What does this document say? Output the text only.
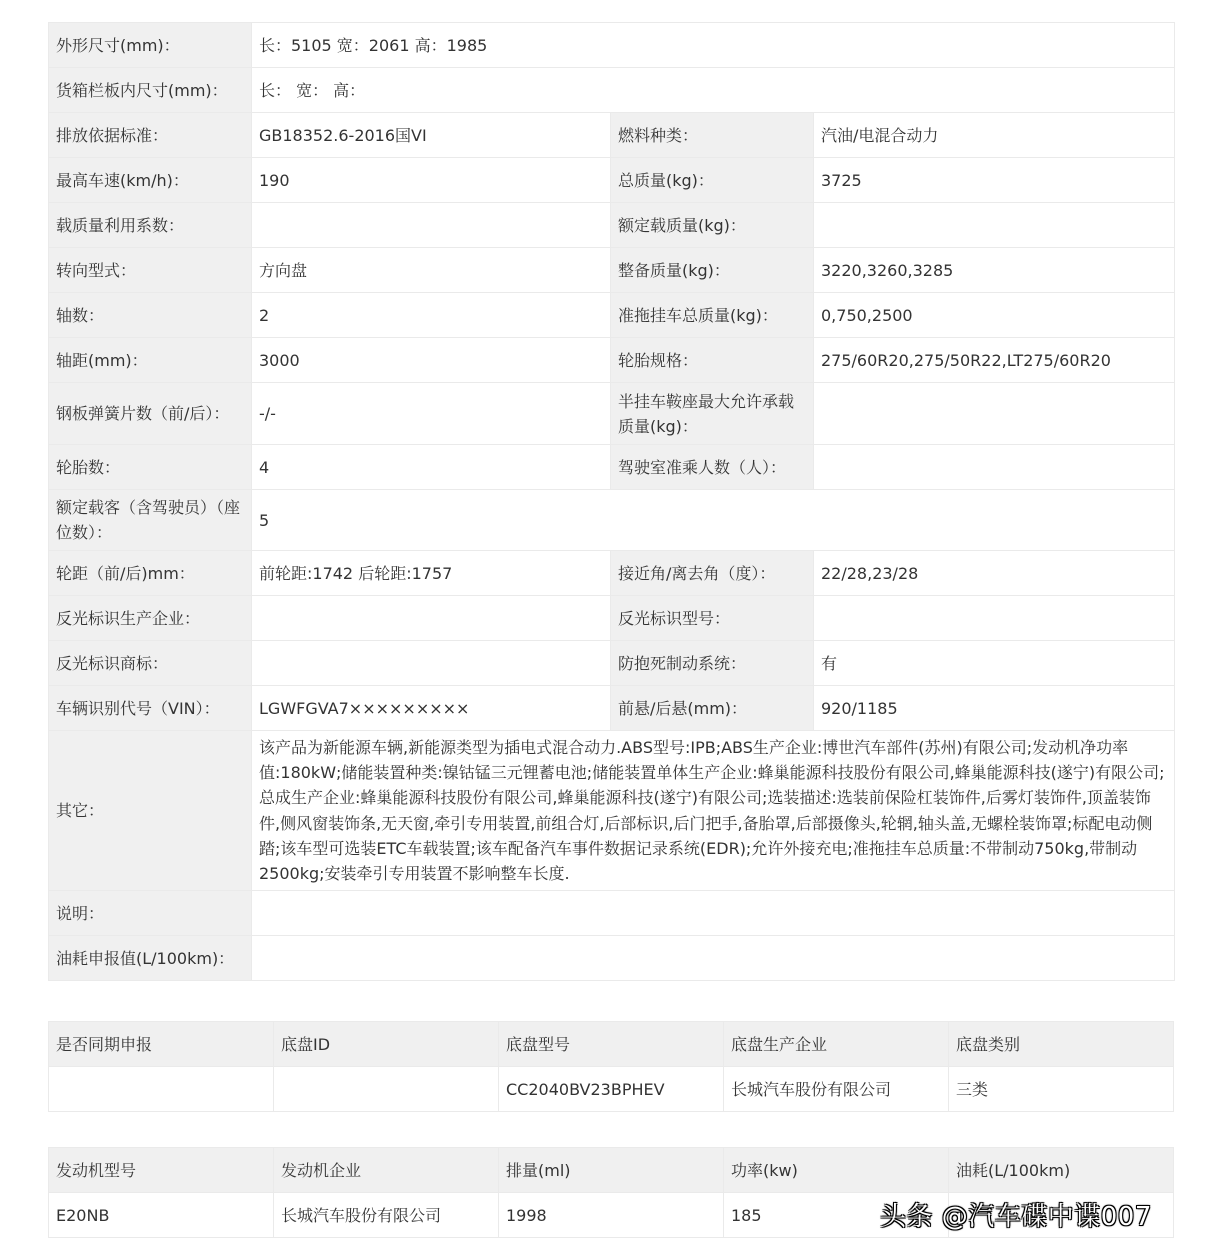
外形尺寸(mm)：	长：5105 宽：2061 高：1985		
货箱栏板内尺寸(mm)：	长： 宽： 高：		
排放依据标准：	GB18352.6-2016国VI	燃料种类：	汽油/电混合动力
最高车速(km/h)：	190	总质量(kg)：	3725
载质量利用系数：		额定载质量(kg)：	
转向型式：	方向盘	整备质量(kg)：	3220,3260,3285
轴数：	2	准拖挂车总质量(kg)：	0,750,2500
轴距(mm)：	3000	轮胎规格：	275/60R20,275/50R22,LT275/60R20
钢板弹簧片数（前/后）：	-/-	半挂车鞍座最大允许承载质量(kg)：	
轮胎数：	4	驾驶室准乘人数（人）：	
额定载客（含驾驶员）（座位数）：	5		
轮距（前/后)mm：	前轮距:1742 后轮距:1757	接近角/离去角（度）：	22/28,23/28
反光标识生产企业：		反光标识型号：	
反光标识商标：		防抱死制动系统：	有
车辆识别代号（VIN）：	LGWFGVA7×××××××××	前悬/后悬(mm)：	920/1185
其它：	该产品为新能源车辆,新能源类型为插电式混合动力.ABS型号:IPB;ABS生产企业:博世汽车部件(苏州)有限公司;发动机净功率值:180kW;储能装置种类:镍钴锰三元锂蓄电池;储能装置单体生产企业:蜂巢能源科技股份有限公司,蜂巢能源科技(遂宁)有限公司;总成生产企业:蜂巢能源科技股份有限公司,蜂巢能源科技(遂宁)有限公司;选装描述:选装前保险杠装饰件,后雾灯装饰件,顶盖装饰件,侧风窗装饰条,无天窗,牵引专用装置,前组合灯,后部标识,后门把手,备胎罩,后部摄像头,轮辋,轴头盖,无螺栓装饰罩;标配电动侧踏;该车型可选装ETC车载装置;该车配备汽车事件数据记录系统(EDR);允许外接充电;准拖挂车总质量:不带制动750kg,带制动2500kg;安装牵引专用装置不影响整车长度.		
说明：			
油耗申报值(L/100km)：			
是否同期申报	底盘ID	底盘型号	底盘生产企业	底盘类别
		CC2040BV23BPHEV	长城汽车股份有限公司	三类
发动机型号	发动机企业	排量(ml)	功率(kw)	油耗(L/100km)
E20NB	长城汽车股份有限公司	1998	185		头条 @汽车碟中谍007
